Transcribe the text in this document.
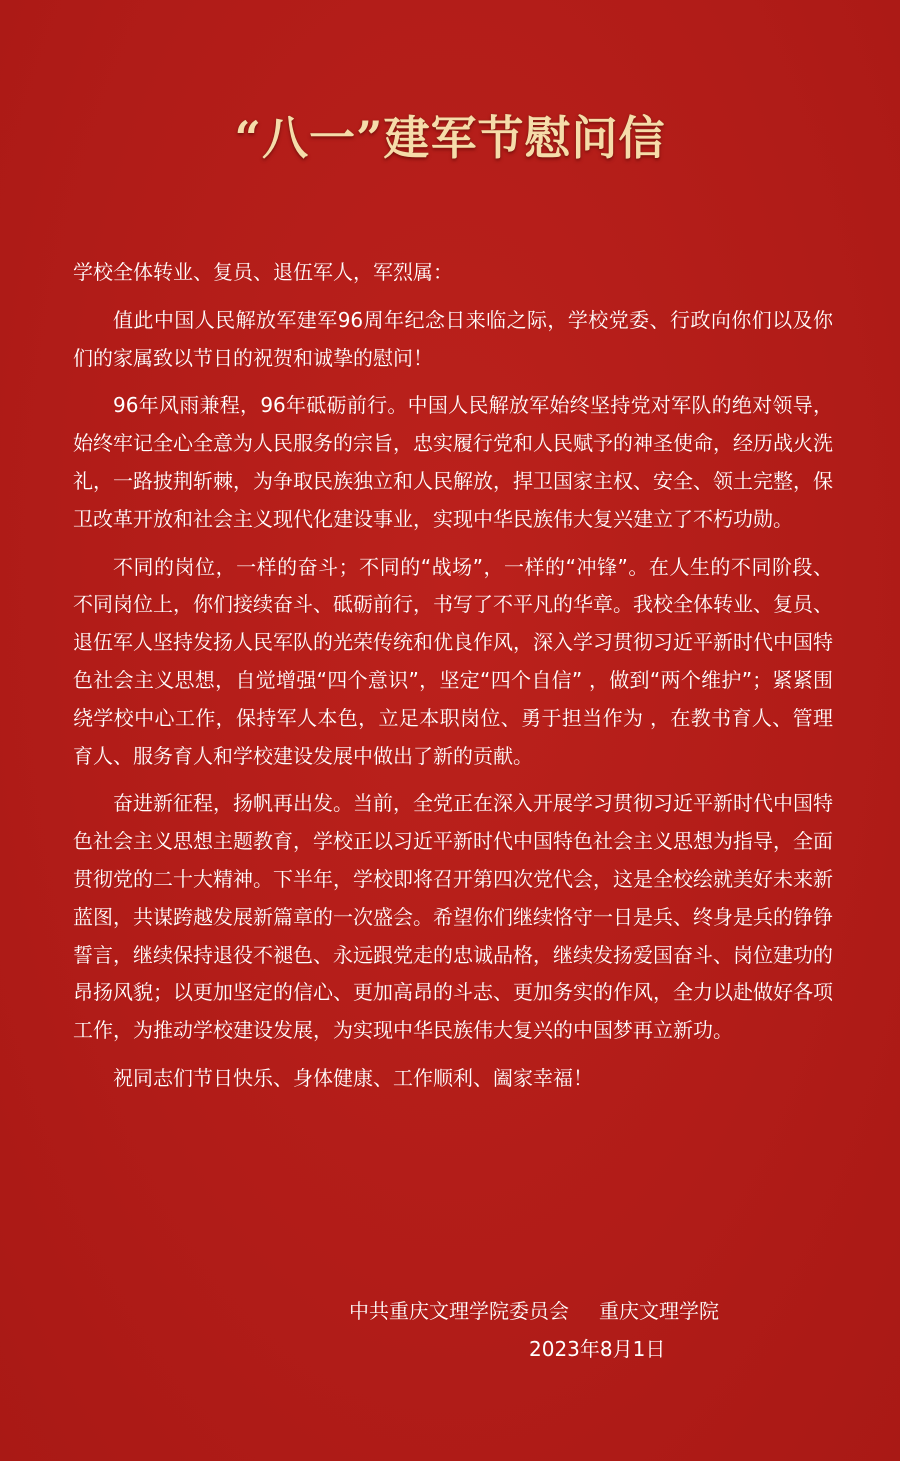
“八一”建军节慰问信

学校全体转业、复员、退伍军人，军烈属：

值此中国人民解放军建军96周年纪念日来临之际，学校党委、行政向你们以及你们的家属致以节日的祝贺和诚挚的慰问！

96年风雨兼程，96年砥砺前行。中国人民解放军始终坚持党对军队的绝对领导，始终牢记全心全意为人民服务的宗旨，忠实履行党和人民赋予的神圣使命，经历战火洗礼，一路披荆斩棘，为争取民族独立和人民解放，捍卫国家主权、安全、领土完整，保卫改革开放和社会主义现代化建设事业，实现中华民族伟大复兴建立了不朽功勋。

不同的岗位，一样的奋斗；不同的“战场”，一样的“冲锋”。在人生的不同阶段、不同岗位上，你们接续奋斗、砥砺前行，书写了不平凡的华章。我校全体转业、复员、退伍军人坚持发扬人民军队的光荣传统和优良作风，深入学习贯彻习近平新时代中国特色社会主义思想，自觉增强“四个意识”，坚定“四个自信” ，做到“两个维护”；紧紧围绕学校中心工作，保持军人本色，立足本职岗位、勇于担当作为 ，在教书育人、管理育人、服务育人和学校建设发展中做出了新的贡献。

奋进新征程，扬帆再出发。当前，全党正在深入开展学习贯彻习近平新时代中国特色社会主义思想主题教育，学校正以习近平新时代中国特色社会主义思想为指导，全面贯彻党的二十大精神。下半年，学校即将召开第四次党代会，这是全校绘就美好未来新蓝图，共谋跨越发展新篇章的一次盛会。希望你们继续恪守一日是兵、终身是兵的铮铮誓言，继续保持退役不褪色、永远跟党走的忠诚品格，继续发扬爱国奋斗、岗位建功的昂扬风貌；以更加坚定的信心、更加高昂的斗志、更加务实的作风，全力以赴做好各项工作，为推动学校建设发展，为实现中华民族伟大复兴的中国梦再立新功。

祝同志们节日快乐、身体健康、工作顺利、阖家幸福！

中共重庆文理学院委员会 重庆文理学院
2023年8月1日
